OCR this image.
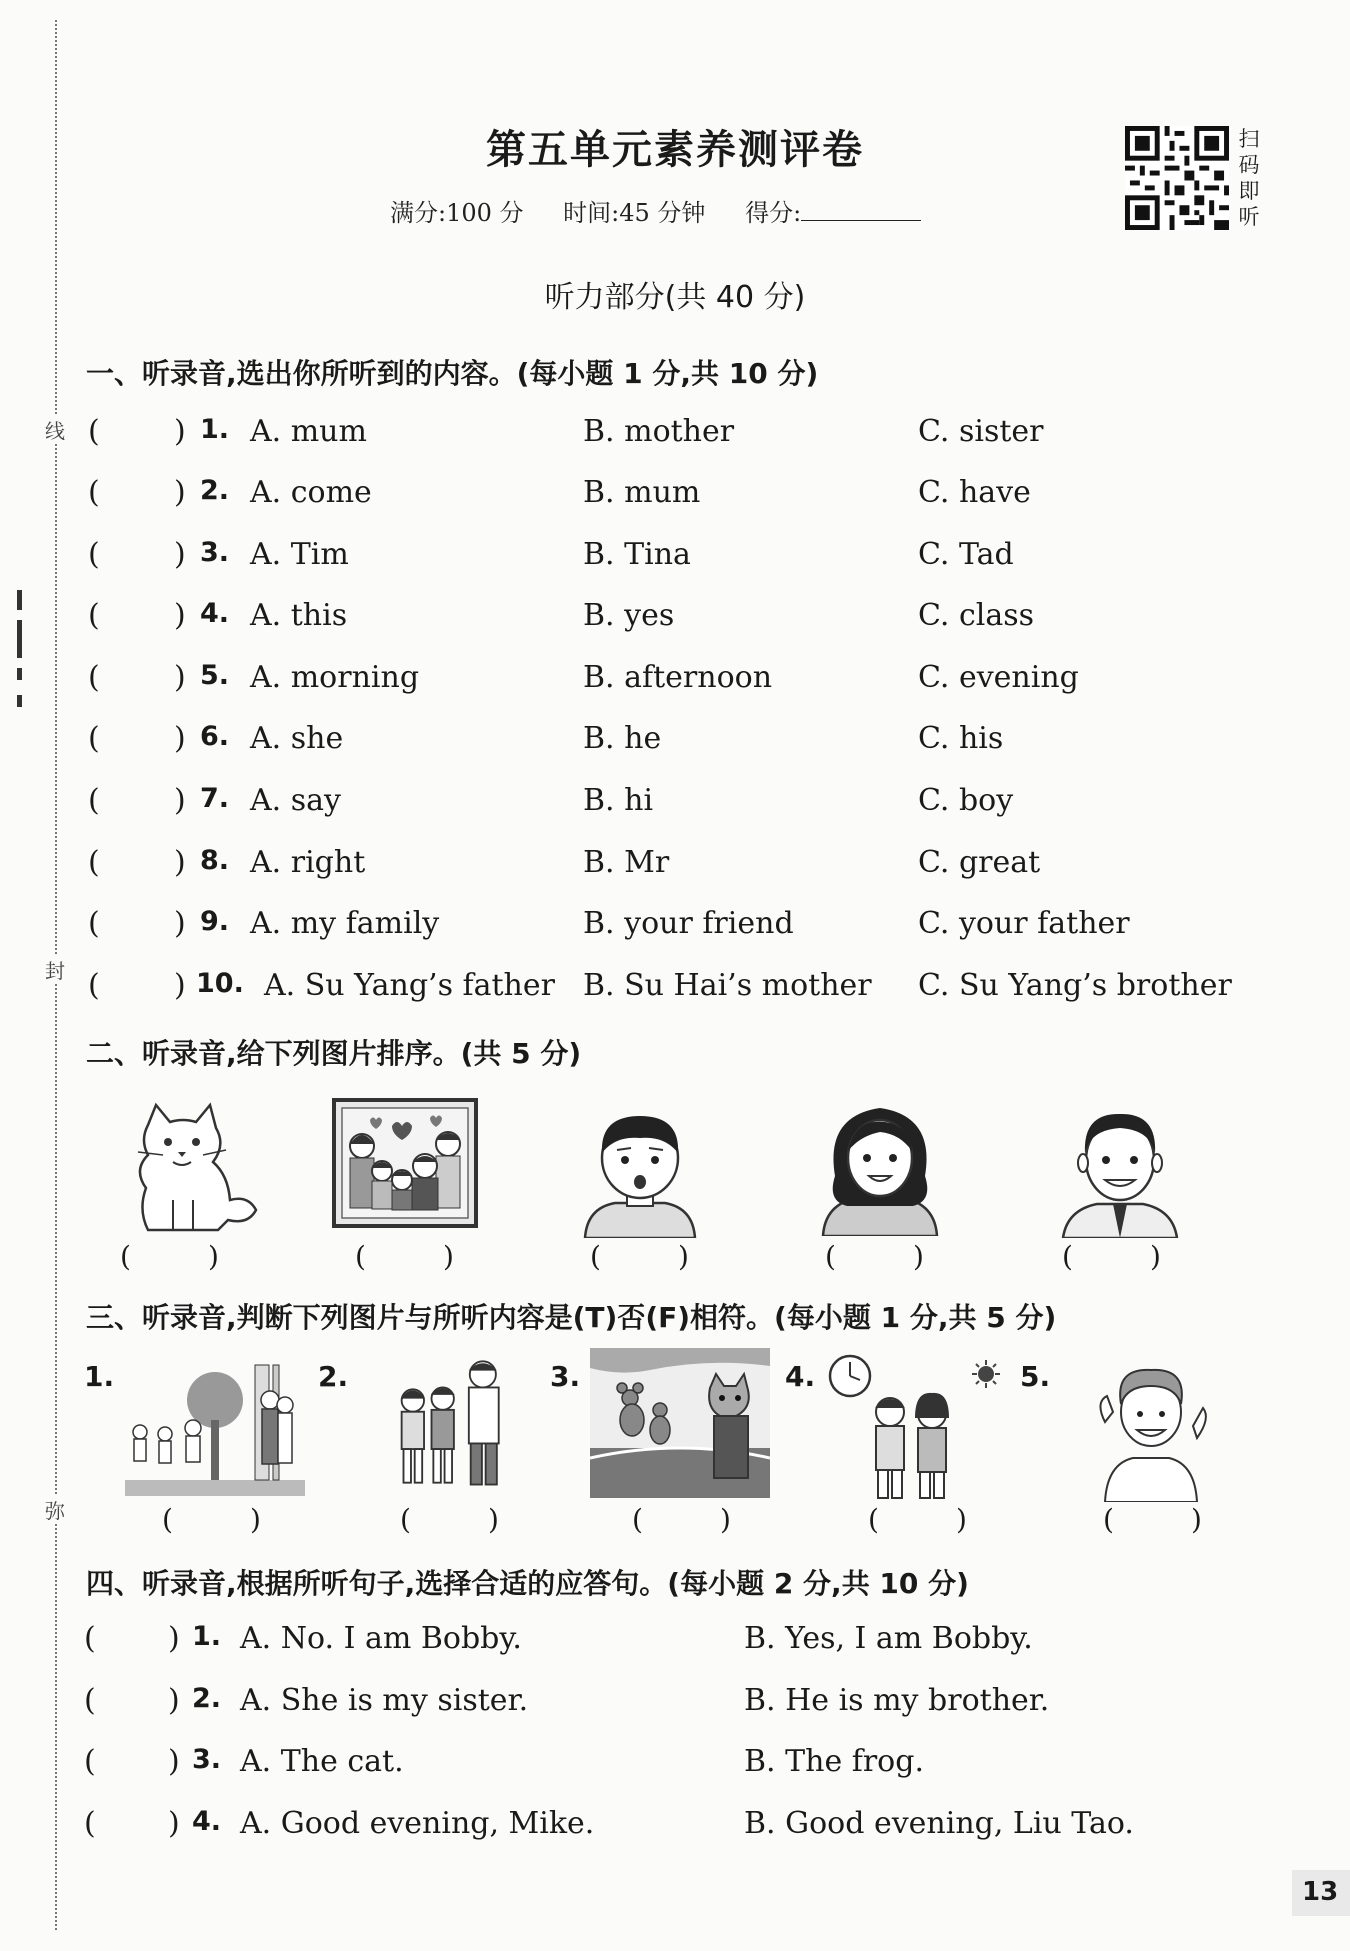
线
封
弥
第五单元素养测评卷
满分:100 分 时间:45 分钟 得分:
扫
码
即
听
听力部分(共 40 分)
一、听录音,选出你所听到的内容。(每小题 1 分,共 10 分)
( ) 1. A. mum	B. mother	C. sister
( ) 2. A. come	B. mum	C. have
( ) 3. A. Tim	B. Tina	C. Tad
( ) 4. A. this	B. yes	C. class
( ) 5. A. morning	B. afternoon	C. evening
( ) 6. A. she	B. he	C. his
( ) 7. A. say	B. hi	C. boy
( ) 8. A. right	B. Mr	C. great
( ) 9. A. my family	B. your friend	C. your father
( ) 10. A. Su Yang’s father B. Su Hai’s mother C. Su Yang’s brother
二、听录音,给下列图片排序。(共 5 分)
(	)	(	)	(	)	(	)	(	)
三、听录音,判断下列图片与所听内容是(T)否(F)相符。(每小题 1 分,共 5 分)
1.	2.	3.	4.	5.
(	)	(	)	(	)	(	)	(	)
四、听录音,根据所听句子,选择合适的应答句。(每小题 2 分,共 10 分)
( ) 1. A. No. I am Bobby.	B. Yes, I am Bobby.
( ) 2. A. She is my sister.	B. He is my brother.
( ) 3. A. The cat.	B. The frog.
( ) 4. A. Good evening, Mike.	B. Good evening, Liu Tao.
13
